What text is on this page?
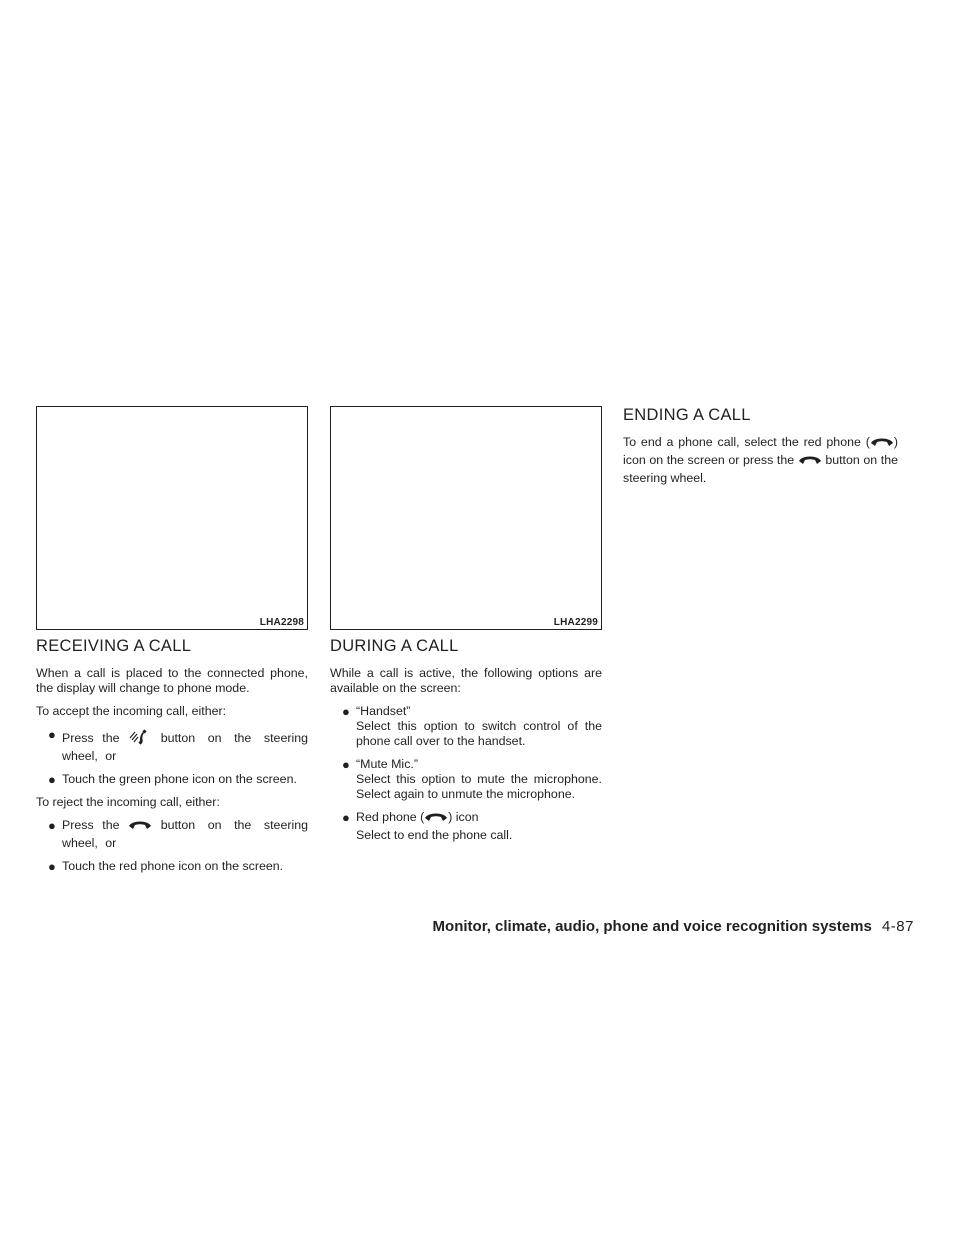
LHA2298	LHA2299
RECEIVING A CALL

When a call is placed to the connected phone, the display will change to phone mode.

To accept the incoming call, either:

● Press the	button on the steering wheel, or
● Touch the green phone icon on the screen.

To reject the incoming call, either:

● Press the	button on the steering wheel, or
● Touch the red phone icon on the screen.
DURING A CALL

While a call is active, the following options are available on the screen:

● “Handset”
Select this option to switch control of the phone call over to the handset.
● “Mute Mic.”
Select this option to mute the microphone. Select again to unmute the microphone.
● Red phone ( ) icon
Select to end the phone call.
ENDING A CALL

To end a phone call, select the red phone ( ) icon on the screen or press the	button on the steering wheel.

Monitor, climate, audio, phone and voice recognition systems 4-87
